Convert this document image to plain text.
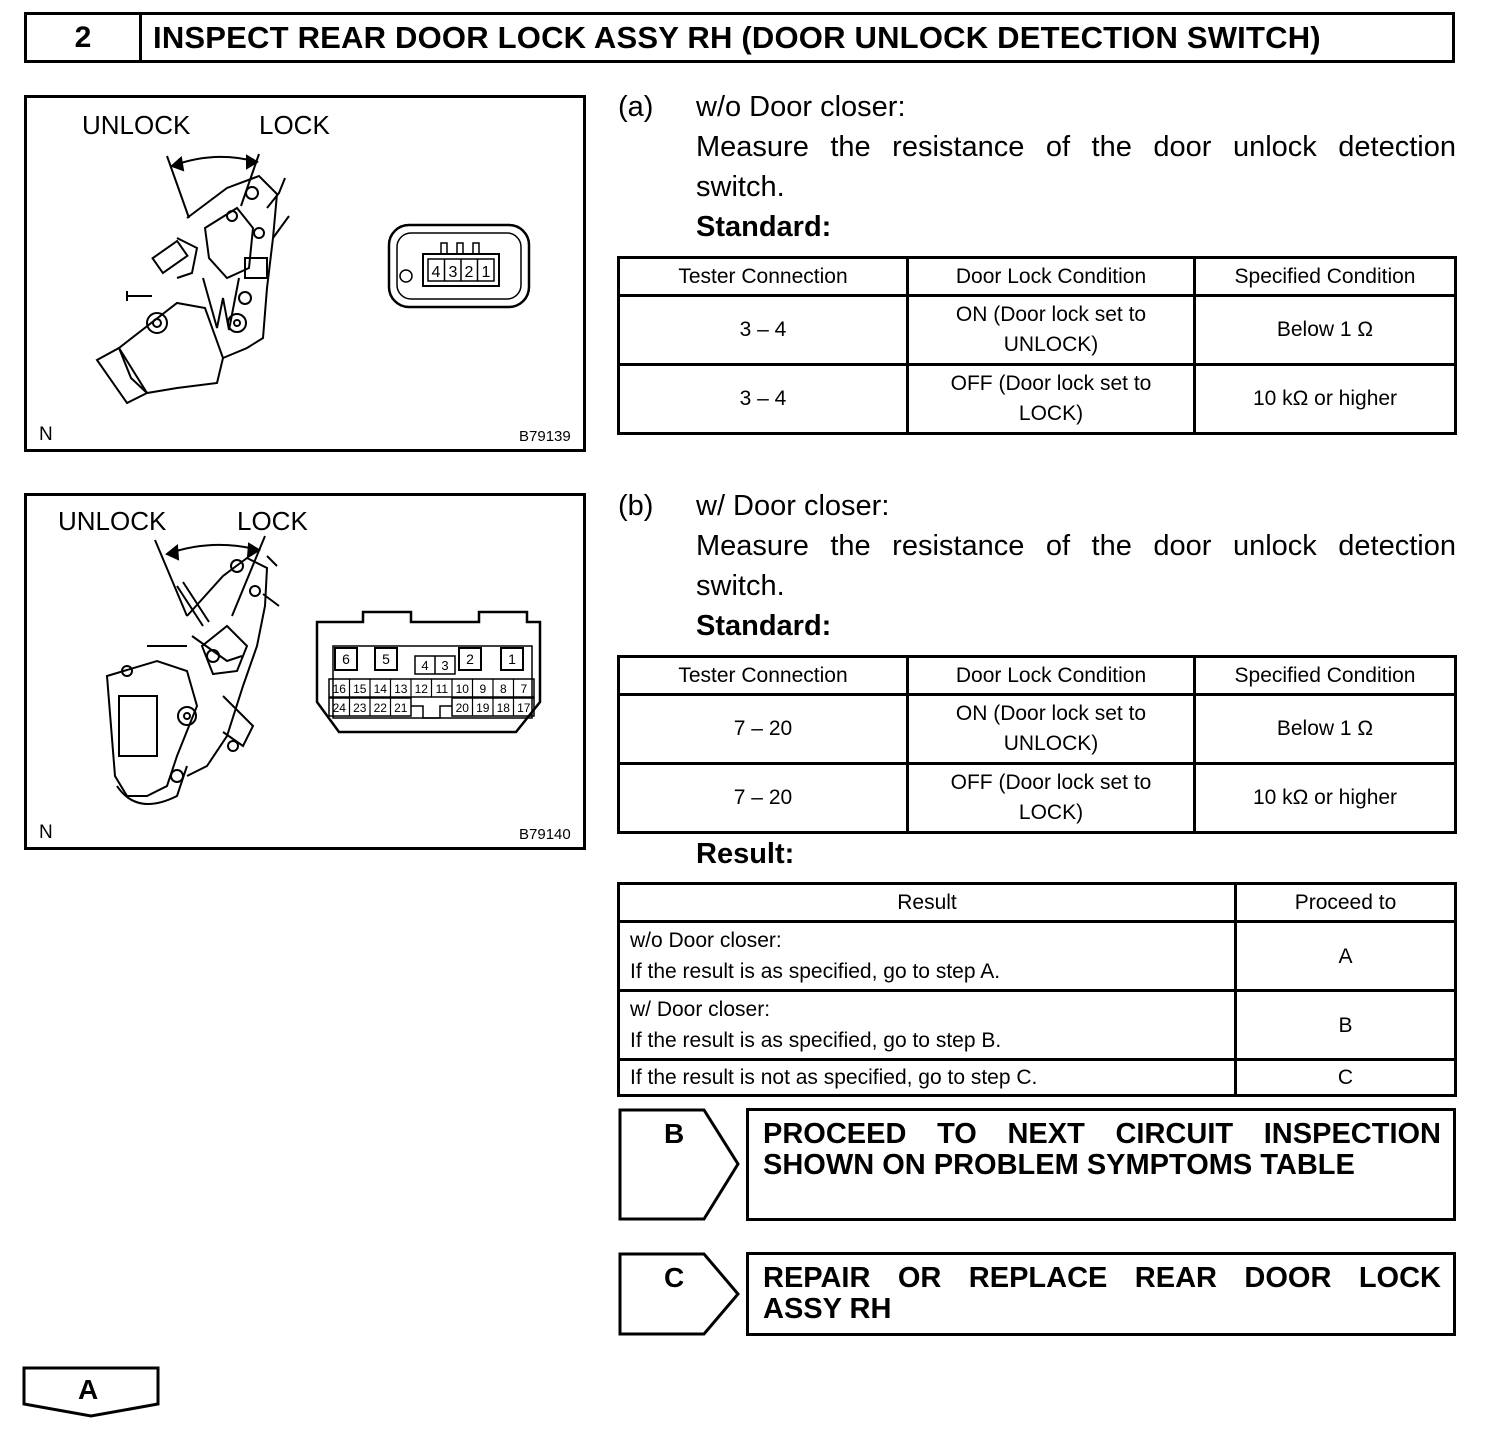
2	INSPECT REAR DOOR LOCK ASSY RH (DOOR UNLOCK DETECTION SWITCH)
4 3 2 1
UNLOCK	LOCK
N	B79139
6 5 4 3 2 1
16 15 14 13 12 11 10 9 8 7
24 23 22 21	20 19 18 17
UNLOCK	LOCK
N	B79140
(a) w/o Door closer:
Measure the resistance of the door unlock detection
switch.
Standard:
Tester Connection	Door Lock Condition	Specified Condition
3 – 4	ON (Door lock set to
UNLOCK)	Below 1 Ω
3 – 4	OFF (Door lock set to
LOCK)	10 kΩ or higher
(b) w/ Door closer:
Measure the resistance of the door unlock detection
switch.
Standard:
Tester Connection	Door Lock Condition	Specified Condition
7 – 20	ON (Door lock set to
UNLOCK)	Below 1 Ω
7 – 20	OFF (Door lock set to
LOCK)	10 kΩ or higher
Result:
Result	Proceed to
w/o Door closer:
If the result is as specified, go to step A.	A
w/ Door closer:
If the result is as specified, go to step B.	B
If the result is not as specified, go to step C.	C
B	PROCEED TO NEXT CIRCUIT INSPECTION
SHOWN ON PROBLEM SYMPTOMS TABLE
C	REPAIR OR REPLACE REAR DOOR LOCK
ASSY RH
A
